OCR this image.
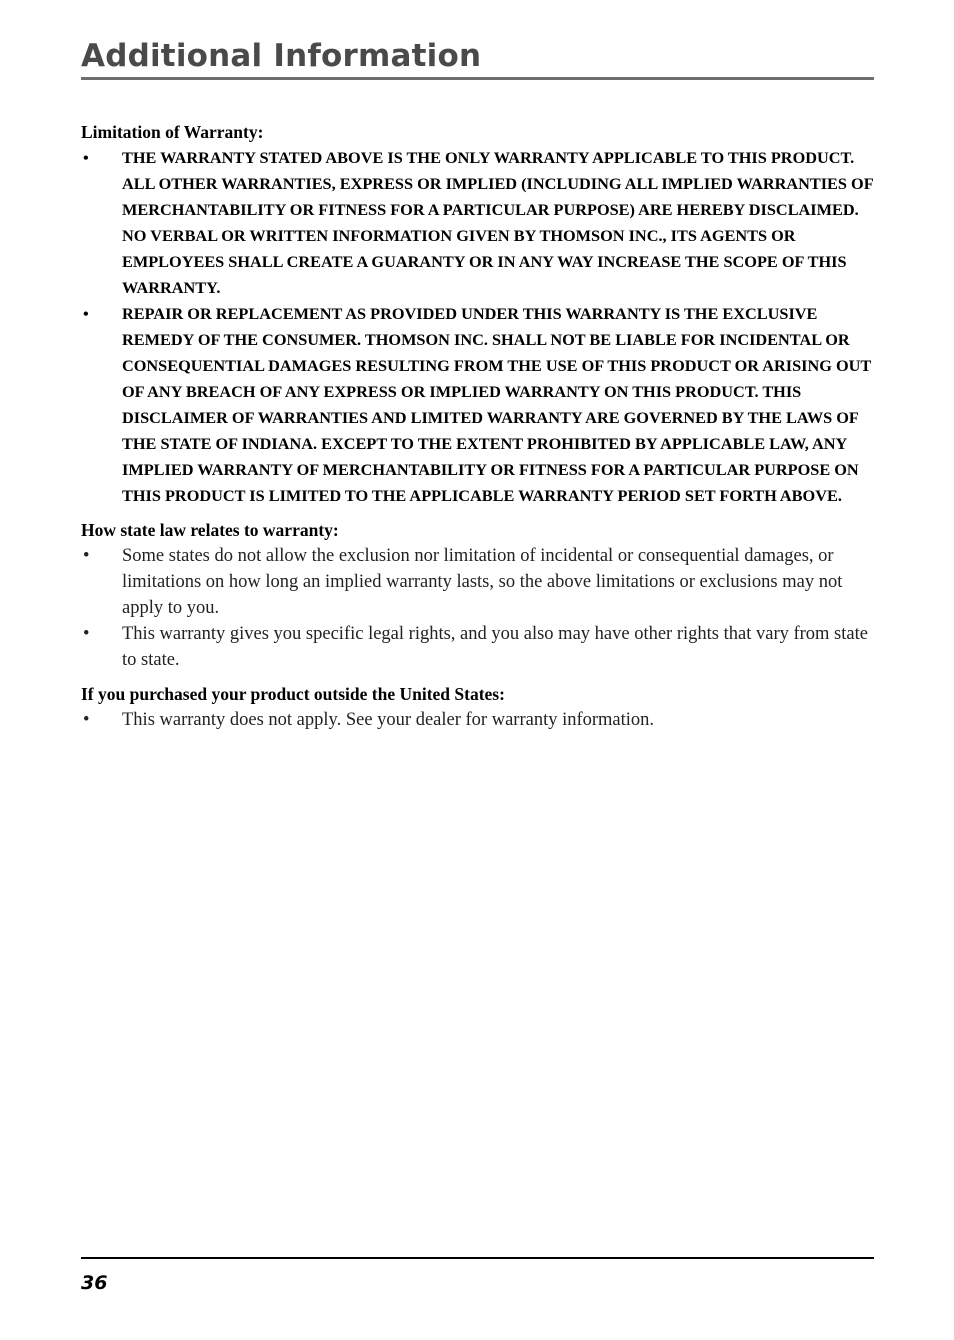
Additional Information
Limitation of Warranty:
• THE WARRANTY STATED ABOVE IS THE ONLY WARRANTY APPLICABLE TO THIS PRODUCT. ALL OTHER WARRANTIES, EXPRESS OR IMPLIED (INCLUDING ALL IMPLIED WARRANTIES OF MERCHANTABILITY OR FITNESS FOR A PARTICULAR PURPOSE) ARE HEREBY DISCLAIMED. NO VERBAL OR WRITTEN INFORMATION GIVEN BY THOMSON INC., ITS AGENTS OR EMPLOYEES SHALL CREATE A GUARANTY OR IN ANY WAY INCREASE THE SCOPE OF THIS WARRANTY.
• REPAIR OR REPLACEMENT AS PROVIDED UNDER THIS WARRANTY IS THE EXCLUSIVE REMEDY OF THE CONSUMER. THOMSON INC. SHALL NOT BE LIABLE FOR INCIDENTAL OR CONSEQUENTIAL DAMAGES RESULTING FROM THE USE OF THIS PRODUCT OR ARISING OUT OF ANY BREACH OF ANY EXPRESS OR IMPLIED WARRANTY ON THIS PRODUCT. THIS DISCLAIMER OF WARRANTIES AND LIMITED WARRANTY ARE GOVERNED BY THE LAWS OF THE STATE OF INDIANA. EXCEPT TO THE EXTENT PROHIBITED BY APPLICABLE LAW, ANY IMPLIED WARRANTY OF MERCHANTABILITY OR FITNESS FOR A PARTICULAR PURPOSE ON THIS PRODUCT IS LIMITED TO THE APPLICABLE WARRANTY PERIOD SET FORTH ABOVE.
How state law relates to warranty:
• Some states do not allow the exclusion nor limitation of incidental or consequential damages, or limitations on how long an implied warranty lasts, so the above limitations or exclusions may not apply to you.
• This warranty gives you specific legal rights, and you also may have other rights that vary from state to state.
If you purchased your product outside the United States:
• This warranty does not apply. See your dealer for warranty information.
36
